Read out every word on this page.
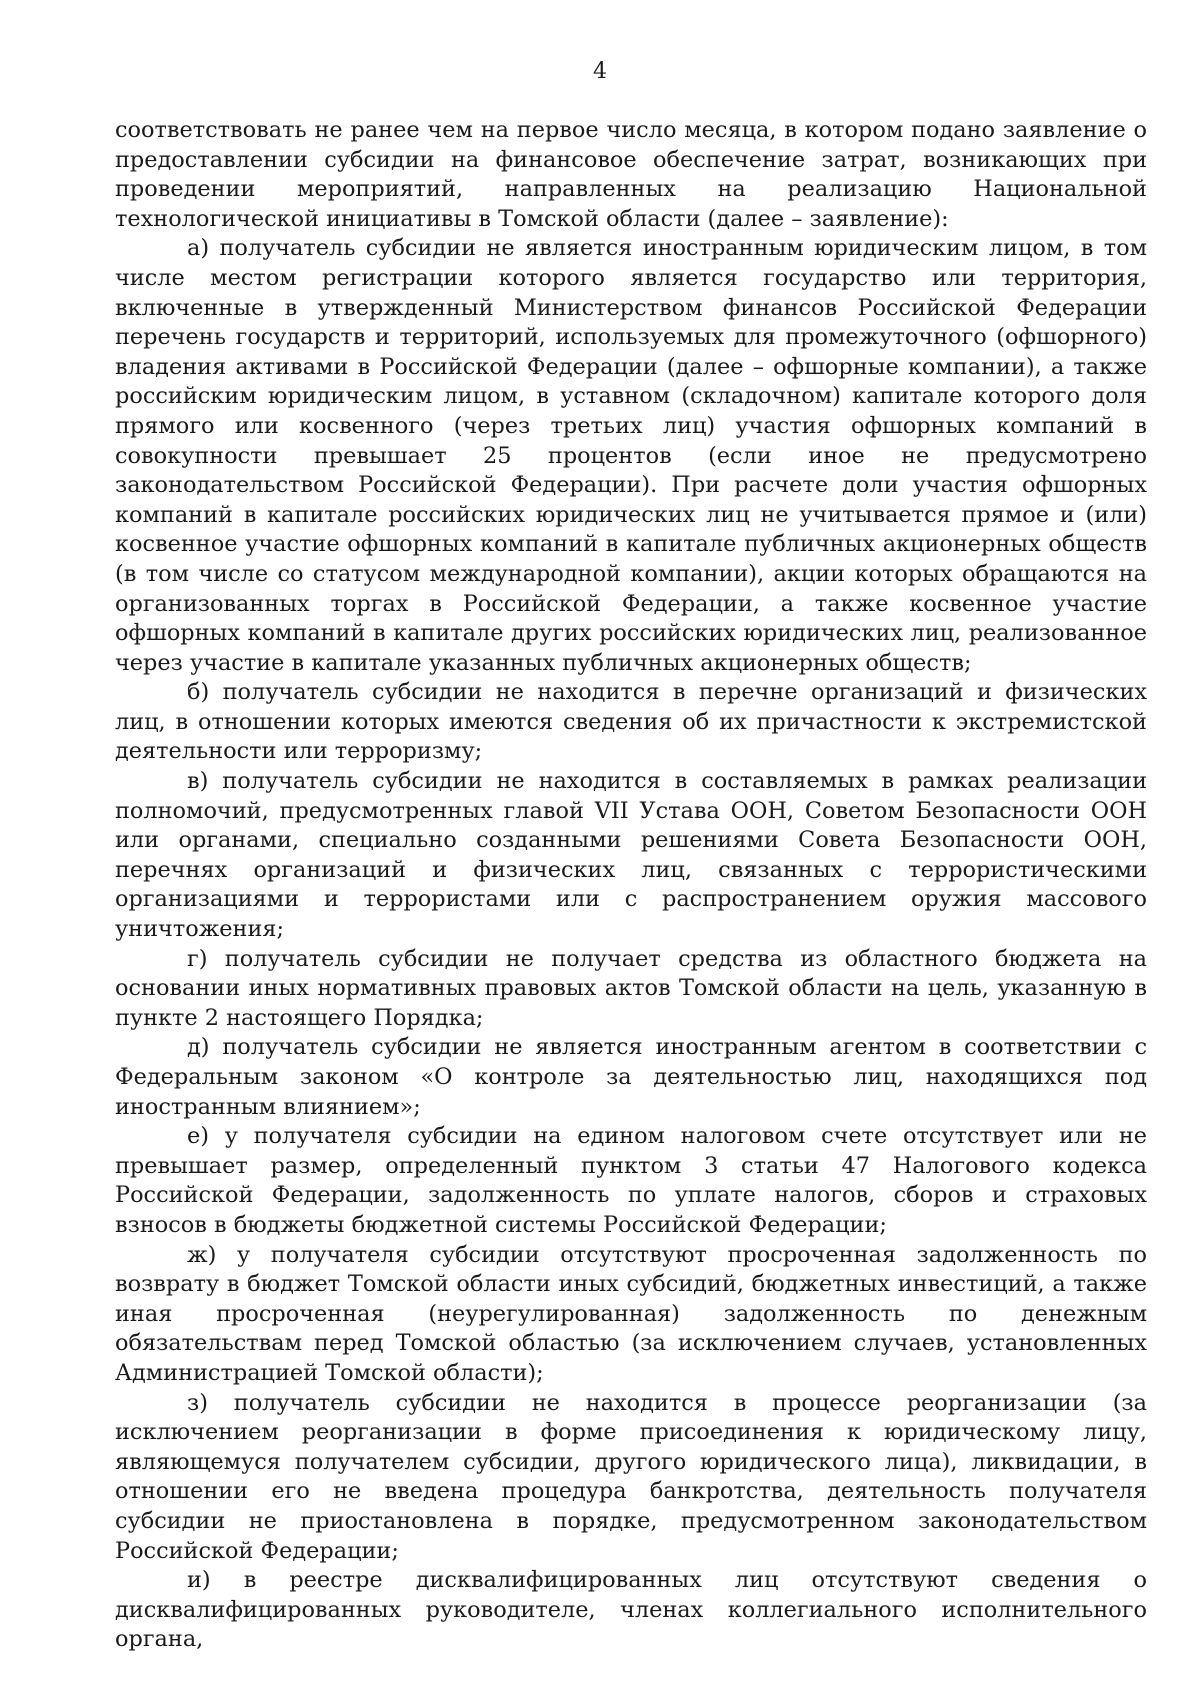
4

соответствовать не ранее чем на первое число месяца, в котором подано заявление о предоставлении субсидии на финансовое обеспечение затрат, возникающих при проведении мероприятий, направленных на реализацию Национальной технологической инициативы в Томской области (далее – заявление):

а) получатель субсидии не является иностранным юридическим лицом, в том числе местом регистрации которого является государство или территория, включенные в утвержденный Министерством финансов Российской Федерации перечень государств и территорий, используемых для промежуточного (офшорного) владения активами в Российской Федерации (далее – офшорные компании), а также российским юридическим лицом, в уставном (складочном) капитале которого доля прямого или косвенного (через третьих лиц) участия офшорных компаний в совокупности превышает 25 процентов (если иное не предусмотрено законодательством Российской Федерации). При расчете доли участия офшорных компаний в капитале российских юридических лиц не учитывается прямое и (или) косвенное участие офшорных компаний в капитале публичных акционерных обществ (в том числе со статусом международной компании), акции которых обращаются на организованных торгах в Российской Федерации, а также косвенное участие офшорных компаний в капитале других российских юридических лиц, реализованное через участие в капитале указанных публичных акционерных обществ;

б) получатель субсидии не находится в перечне организаций и физических лиц, в отношении которых имеются сведения об их причастности к экстремистской деятельности или терроризму;

в) получатель субсидии не находится в составляемых в рамках реализации полномочий, предусмотренных главой VII Устава ООН, Советом Безопасности ООН или органами, специально созданными решениями Совета Безопасности ООН, перечнях организаций и физических лиц, связанных с террористическими организациями и террористами или с распространением оружия массового уничтожения;

г) получатель субсидии не получает средства из областного бюджета на основании иных нормативных правовых актов Томской области на цель, указанную в пункте 2 настоящего Порядка;

д) получатель субсидии не является иностранным агентом в соответствии с Федеральным законом «О контроле за деятельностью лиц, находящихся под иностранным влиянием»;

е) у получателя субсидии на едином налоговом счете отсутствует или не превышает размер, определенный пунктом 3 статьи 47 Налогового кодекса Российской Федерации, задолженность по уплате налогов, сборов и страховых взносов в бюджеты бюджетной системы Российской Федерации;

ж) у получателя субсидии отсутствуют просроченная задолженность по возврату в бюджет Томской области иных субсидий, бюджетных инвестиций, а также иная просроченная (неурегулированная) задолженность по денежным обязательствам перед Томской областью (за исключением случаев, установленных Администрацией Томской области);

з) получатель субсидии не находится в процессе реорганизации (за исключением реорганизации в форме присоединения к юридическому лицу, являющемуся получателем субсидии, другого юридического лица), ликвидации, в отношении его не введена процедура банкротства, деятельность получателя субсидии не приостановлена в порядке, предусмотренном законодательством Российской Федерации;

и) в реестре дисквалифицированных лиц отсутствуют сведения о дисквалифицированных руководителе, членах коллегиального исполнительного органа,
